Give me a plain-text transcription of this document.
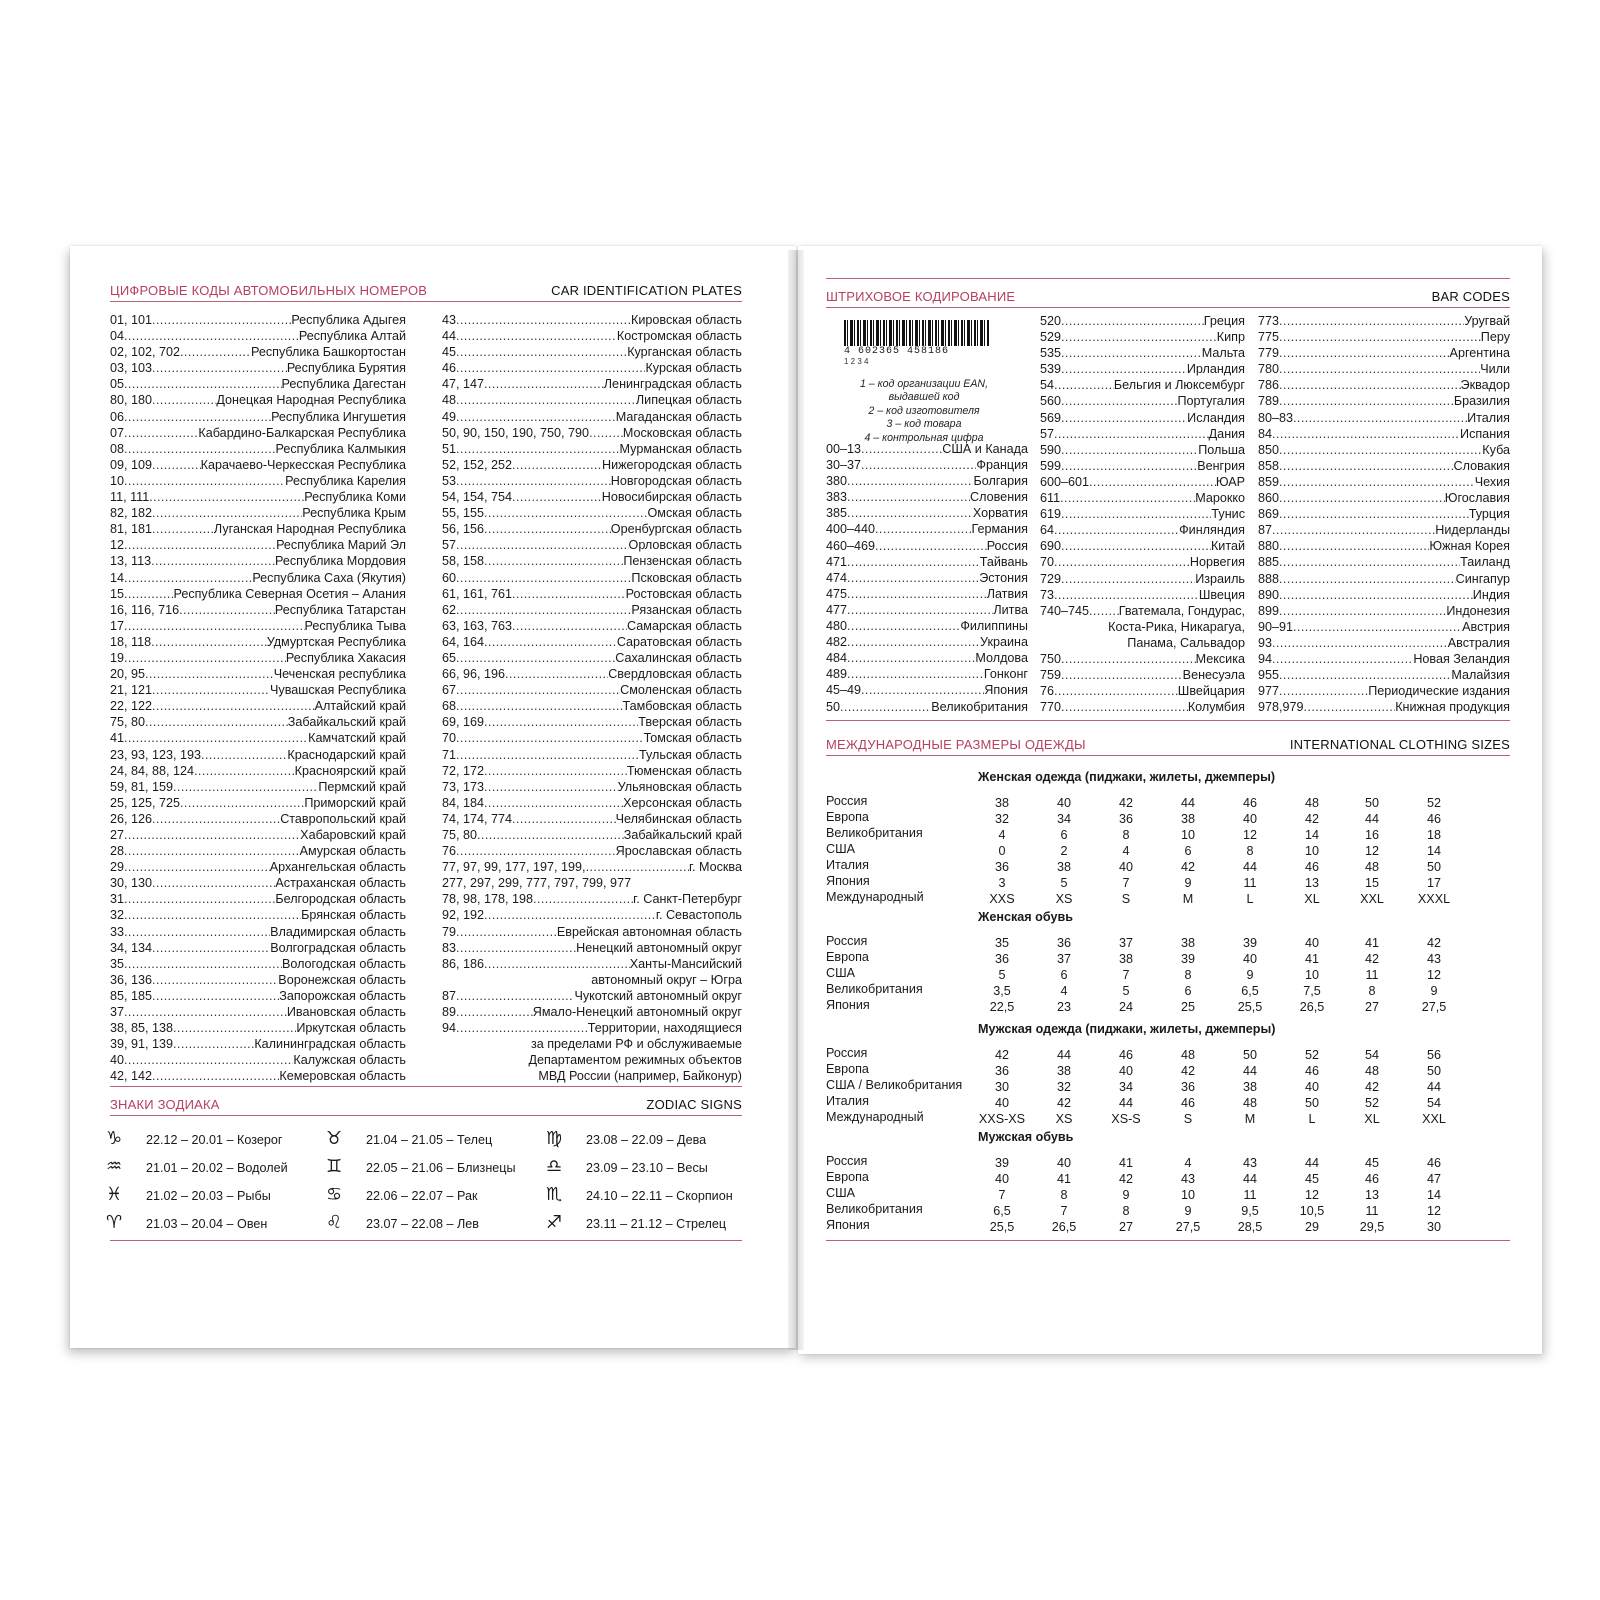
ЦИФРОВЫЕ КОДЫ АВТОМОБИЛЬНЫХ НОМЕРОВ	CAR IDENTIFICATION PLATES
01, 101 .....	Республика Адыгея
04 .....	Республика Алтай
02, 102, 702 .....	Республика Башкортостан
03, 103 .....	Республика Бурятия
05 .....	Республика Дагестан
80, 180 .....	Донецкая Народная Республика
06 .....	Республика Ингушетия
07 .....	Кабардино-Балкарская Республика
08 .....	Республика Калмыкия
09, 109 .....	Карачаево-Черкесская Республика
10 .....	Республика Карелия
11, 111 .....	Республика Коми
82, 182 .....	Республика Крым
81, 181 .....	Луганская Народная Республика
12 .....	Республика Марий Эл
13, 113 .....	Республика Мордовия
14 .....	Республика Саха (Якутия)
15 .....	Республика Северная Осетия – Алания
16, 116, 716 .....	Республика Татарстан
17 .....	Республика Тыва
18, 118 .....	Удмуртская Республика
19 .....	Республика Хакасия
20, 95 .....	Чеченская республика
21, 121 .....	Чувашская Республика
22, 122 .....	Алтайский край
75, 80 .....	Забайкальский край
41 .....	Камчатский край
23, 93, 123, 193 .....	Краснодарский край
24, 84, 88, 124 .....	Красноярский край
59, 81, 159 .....	Пермский край
25, 125, 725 .....	Приморский край
26, 126 .....	Ставропольский край
27 .....	Хабаровский край
28 .....	Амурская область
29 .....	Архангельская область
30, 130 .....	Астраханская область
31 .....	Белгородская область
32 .....	Брянская область
33 .....	Владимирская область
34, 134 .....	Волгоградская область
35 .....	Вологодская область
36, 136 .....	Воронежская область
85, 185 .....	Запорожская область
37 .....	Ивановская область
38, 85, 138 .....	Иркутская область
39, 91, 139 .....	Калининградская область
40 .....	Калужская область
42, 142 .....	Кемеровская область
43 .....	Кировская область
44 .....	Костромская область
45 .....	Курганская область
46 .....	Курская область
47, 147 .....	Ленинградская область
48 .....	Липецкая область
49 .....	Магаданская область
50, 90, 150, 190, 750, 790 .....	Московская область
51 .....	Мурманская область
52, 152, 252 .....	Нижегородская область
53 .....	Новгородская область
54, 154, 754 .....	Новосибирская область
55, 155 .....	Омская область
56, 156 .....	Оренбургская область
57 .....	Орловская область
58, 158 .....	Пензенская область
60 .....	Псковская область
61, 161, 761 .....	Ростовская область
62 .....	Рязанская область
63, 163, 763 .....	Самарская область
64, 164 .....	Саратовская область
65 .....	Сахалинская область
66, 96, 196 .....	Свердловская область
67 .....	Смоленская область
68 .....	Тамбовская область
69, 169 .....	Тверская область
70 .....	Томская область
71 .....	Тульская область
72, 172 .....	Тюменская область
73, 173 .....	Ульяновская область
84, 184 .....	Херсонская область
74, 174, 774 .....	Челябинская область
75, 80 .....	Забайкальский край
76 .....	Ярославская область
77, 97, 99, 177, 197, 199, .....	г. Москва
277, 297, 299, 777, 797, 799, 977
78, 98, 178, 198 .....	г. Санкт-Петербург
92, 192 .....	г. Севастополь
79 .....	Еврейская автономная область
83 .....	Ненецкий автономный округ
86, 186 .....	Ханты-Мансийский
автономный округ – Югра
87 .....	Чукотский автономный округ
89 .....	Ямало-Ненецкий автономный округ
94 .....	Территории, находящиеся
за пределами РФ и обслуживаемые
Департаментом режимных объектов
МВД России (например, Байконур)
ЗНАКИ ЗОДИАКА	ZODIAC SIGNS
♑ 22.12 – 20.01 – Козерог
♒ 21.01 – 20.02 – Водолей
♓ 21.02 – 20.03 – Рыбы
♈ 21.03 – 20.04 – Овен
♉ 21.04 – 21.05 – Телец
♊ 22.05 – 21.06 – Близнецы
♋ 22.06 – 22.07 – Рак
♌ 23.07 – 22.08 – Лев
♍ 23.08 – 22.09 – Дева
♎ 23.09 – 23.10 – Весы
♏ 24.10 – 22.11 – Скорпион
♐ 23.11 – 21.12 – Стрелец
ШТРИХОВОЕ КОДИРОВАНИЕ	BAR CODES
4 602365 458186
1 2 3 4
1 – код организации EAN,
выдавшей код
2 – код изготовителя
3 – код товара
4 – контрольная цифра
00–13 .....	США и Канада
30–37 .....	Франция
380 .....	Болгария
383 .....	Словения
385 .....	Хорватия
400–440 .....	Германия
460–469 .....	Россия
471 .....	Тайвань
474 .....	Эстония
475 .....	Латвия
477 .....	Литва
480 .....	Филиппины
482 .....	Украина
484 .....	Молдова
489 .....	Гонконг
45–49 .....	Япония
50 .....	Великобритания
520 .....	Греция
529 .....	Кипр
535 .....	Мальта
539 .....	Ирландия
54 .....	Бельгия и Люксембург
560 .....	Португалия
569 .....	Исландия
57 .....	Дания
590 .....	Польша
599 .....	Венгрия
600–601 .....	ЮАР
611 .....	Марокко
619 .....	Тунис
64 .....	Финляндия
690 .....	Китай
70 .....	Норвегия
729 .....	Израиль
73 .....	Швеция
740–745 ..... Гватемала, Гондурас,
Коста-Рика, Никарагуа,
Панама, Сальвадор
750 .....	Мексика
759 .....	Венесуэла
76 .....	Швейцария
770 .....	Колумбия
773 .....	Уругвай
775 .....	Перу
779 .....	Аргентина
780 .....	Чили
786 .....	Эквадор
789 .....	Бразилия
80–83 .....	Италия
84 .....	Испания
850 .....	Куба
858 .....	Словакия
859 .....	Чехия
860 .....	Югославия
869 .....	Турция
87 .....	Нидерланды
880 .....	Южная Корея
885 .....	Таиланд
888 .....	Сингапур
890 .....	Индия
899 .....	Индонезия
90–91 .....	Австрия
93 .....	Австралия
94 .....	Новая Зеландия
955 .....	Малайзия
977 .....	Периодические издания
978,979 .....	Книжная продукция
МЕЖДУНАРОДНЫЕ РАЗМЕРЫ ОДЕЖДЫ	INTERNATIONAL CLOTHING SIZES
Женская одежда (пиджаки, жилеты, джемперы)
Россия	38	40	42	44	46	48	50	52
Европа	32	34	36	38	40	42	44	46
Великобритания	4	6	8	10	12	14	16	18
США	0	2	4	6	8	10	12	14
Италия	36	38	40	42	44	46	48	50
Япония	3	5	7	9	11	13	15	17
Международный	XXS	XS	S	M	L	XL	XXL	XXXL
Женская обувь
Россия	35	36	37	38	39	40	41	42
Европа	36	37	38	39	40	41	42	43
США	5	6	7	8	9	10	11	12
Великобритания	3,5	4	5	6	6,5	7,5	8	9
Япония	22,5	23	24	25	25,5	26,5	27	27,5
Мужская одежда (пиджаки, жилеты, джемперы)
Россия	42	44	46	48	50	52	54	56
Европа	36	38	40	42	44	46	48	50
США / Великобритания	30	32	34	36	38	40	42	44
Италия	40	42	44	46	48	50	52	54
Международный	XXS-XS	XS	XS-S	S	M	L	XL	XXL
Мужская обувь
Россия	39	40	41	4	43	44	45	46
Европа	40	41	42	43	44	45	46	47
США	7	8	9	10	11	12	13	14
Великобритания	6,5	7	8	9	9,5	10,5	11	12
Япония	25,5	26,5	27	27,5	28,5	29	29,5	30
